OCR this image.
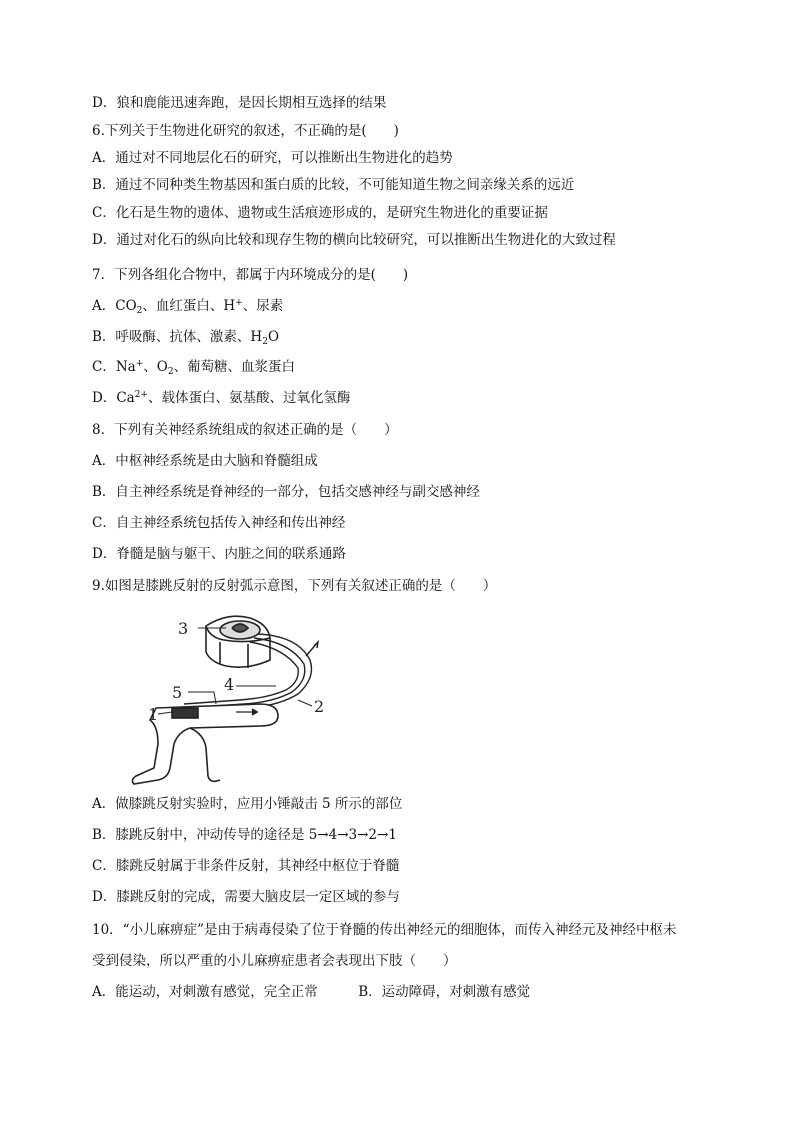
D．狼和鹿能迅速奔跑，是因长期相互选择的结果
6.下列关于生物进化研究的叙述，不正确的是(　　)
A．通过对不同地层化石的研究，可以推断出生物进化的趋势
B．通过不同种类生物基因和蛋白质的比较，不可能知道生物之间亲缘关系的远近
C．化石是生物的遗体、遗物或生活痕迹形成的，是研究生物进化的重要证据
D．通过对化石的纵向比较和现存生物的横向比较研究，可以推断出生物进化的大致过程
7．下列各组化合物中，都属于内环境成分的是(　　)
A．$CO_2$、血红蛋白、H+、尿素
B．呼吸酶、抗体、激素、$H_2O$
C．Na+、$O_2$、葡萄糖、血浆蛋白
D．$Ca^{2+}$、载体蛋白、氨基酸、过氧化氢酶
8．下列有关神经系统组成的叙述正确的是（　　）
A．中枢神经系统是由大脑和脊髓组成
B．自主神经系统是脊神经的一部分，包括交感神经与副交感神经
C．自主神经系统包括传入神经和传出神经
D．脊髓是脑与躯干、内脏之间的联系通路
9.如图是膝跳反射的反射弧示意图，下列有关叙述正确的是（　　）
3
5	4
1	2
A．做膝跳反射实验时，应用小锤敲击 5 所示的部位
B．膝跳反射中，冲动传导的途径是 5→4→3→2→1
C．膝跳反射属于非条件反射，其神经中枢位于脊髓
D．膝跳反射的完成，需要大脑皮层一定区域的参与
10．“小儿麻痹症”是由于病毒侵染了位于脊髓的传出神经元的细胞体，而传入神经元及神经中枢未
受到侵染，所以严重的小儿麻痹症患者会表现出下肢（　　）
A．能运动，对刺激有感觉，完全正常　　　B．运动障碍，对刺激有感觉
